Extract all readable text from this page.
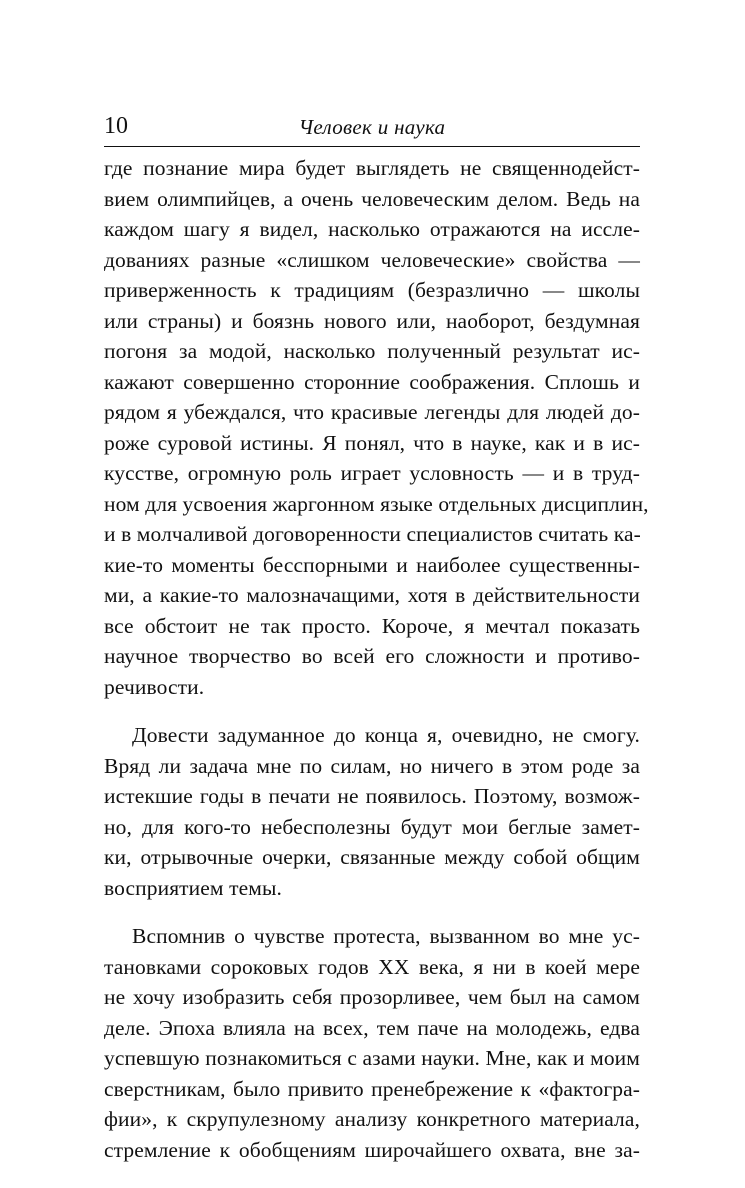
10	Человек и наука
где познание мира будет выглядеть не священнодейст-
вием олимпийцев, а очень человеческим делом. Ведь на
каждом шагу я видел, насколько отражаются на иссле-
дованиях разные «слишком человеческие» свойства —
приверженность к традициям (безразлично — школы
или страны) и боязнь нового или, наоборот, бездумная
погоня за модой, насколько полученный результат ис-
кажают совершенно сторонние соображения. Сплошь и
рядом я убеждался, что красивые легенды для людей до-
роже суровой истины. Я понял, что в науке, как и в ис-
кусстве, огромную роль играет условность — и в труд-
ном для усвоения жаргонном языке отдельных дисциплин,
и в молчаливой договоренности специалистов считать ка-
кие-то моменты бесспорными и наиболее существенны-
ми, а какие-то малозначащими, хотя в действительности
все обстоит не так просто. Короче, я мечтал показать
научное творчество во всей его сложности и противо-
речивости.
Довести задуманное до конца я, очевидно, не смогу.
Вряд ли задача мне по силам, но ничего в этом роде за
истекшие годы в печати не появилось. Поэтому, возмож-
но, для кого-то небесполезны будут мои беглые замет-
ки, отрывочные очерки, связанные между собой общим
восприятием темы.
Вспомнив о чувстве протеста, вызванном во мне ус-
тановками сороковых годов XX века, я ни в коей мере
не хочу изобразить себя прозорливее, чем был на самом
деле. Эпоха влияла на всех, тем паче на молодежь, едва
успевшую познакомиться с азами науки. Мне, как и моим
сверстникам, было привито пренебрежение к «фактогра-
фии», к скрупулезному анализу конкретного материала,
стремление к обобщениям широчайшего охвата, вне за-
